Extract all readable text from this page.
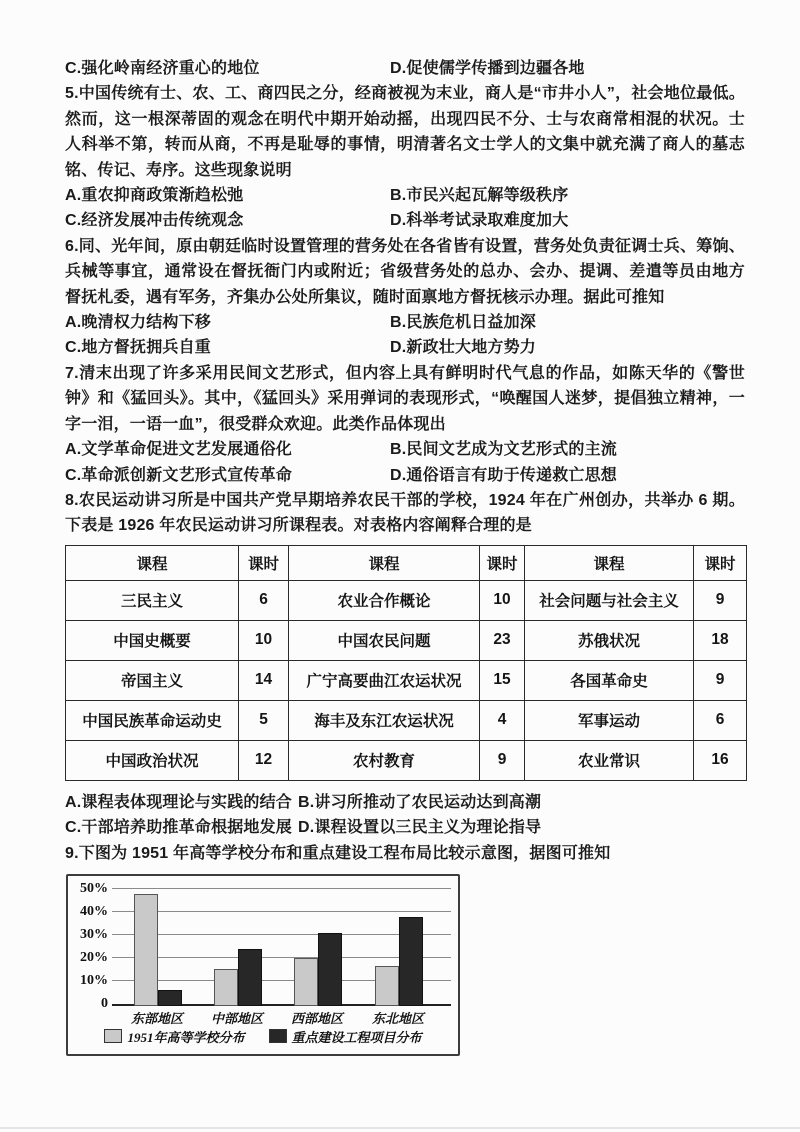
C.强化岭南经济重心的地位	D.促使儒学传播到边疆各地
5.中国传统有士、农、工、商四民之分，经商被视为末业，商人是“市井小人”，社会地位最低。然而，这一根深蒂固的观念在明代中期开始动摇，出现四民不分、士与农商常相混的状况。士人科举不第，转而从商，不再是耻辱的事情，明清著名文士学人的文集中就充满了商人的墓志铭、传记、寿序。这些现象说明
A.重农抑商政策渐趋松弛	B.市民兴起瓦解等级秩序
C.经济发展冲击传统观念	D.科举考试录取难度加大
6.同、光年间，原由朝廷临时设置管理的营务处在各省皆有设置，营务处负责征调士兵、筹饷、兵械等事宜，通常设在督抚衙门内或附近；省级营务处的总办、会办、提调、差遣等员由地方督抚札委，遇有军务，齐集办公处所集议，随时面禀地方督抚核示办理。据此可推知
A.晚清权力结构下移	B.民族危机日益加深
C.地方督抚拥兵自重	D.新政壮大地方势力
7.清末出现了许多采用民间文艺形式，但内容上具有鲜明时代气息的作品，如陈天华的《警世钟》和《猛回头》。其中，《猛回头》采用弹词的表现形式，“唤醒国人迷梦，提倡独立精神，一字一泪，一语一血”，很受群众欢迎。此类作品体现出
A.文学革命促进文艺发展通俗化	B.民间文艺成为文艺形式的主流
C.革命派创新文艺形式宣传革命	D.通俗语言有助于传递救亡思想
8.农民运动讲习所是中国共产党早期培养农民干部的学校，1924 年在广州创办，共举办 6 期。下表是 1926 年农民运动讲习所课程表。对表格内容阐释合理的是
课程	课时	课程	课时	课程	课时
三民主义	6	农业合作概论	10	社会问题与社会主义	9
中国史概要	10	中国农民问题	23	苏俄状况	18
帝国主义	14	广宁高要曲江农运状况	15	各国革命史	9
中国民族革命运动史	5	海丰及东江农运状况	4	军事运动	6
中国政治状况	12	农村教育	9	农业常识	16
A.课程表体现理论与实践的结合 B.讲习所推动了农民运动达到高潮
C.干部培养助推革命根据地发展 D.课程设置以三民主义为理论指导
9.下图为 1951 年高等学校分布和重点建设工程布局比较示意图，据图可推知
1951年高等学校分布	重点建设工程项目分布
50%
40%
30%
20%
10%
0
东部地区	中部地区	西部地区	东北地区
